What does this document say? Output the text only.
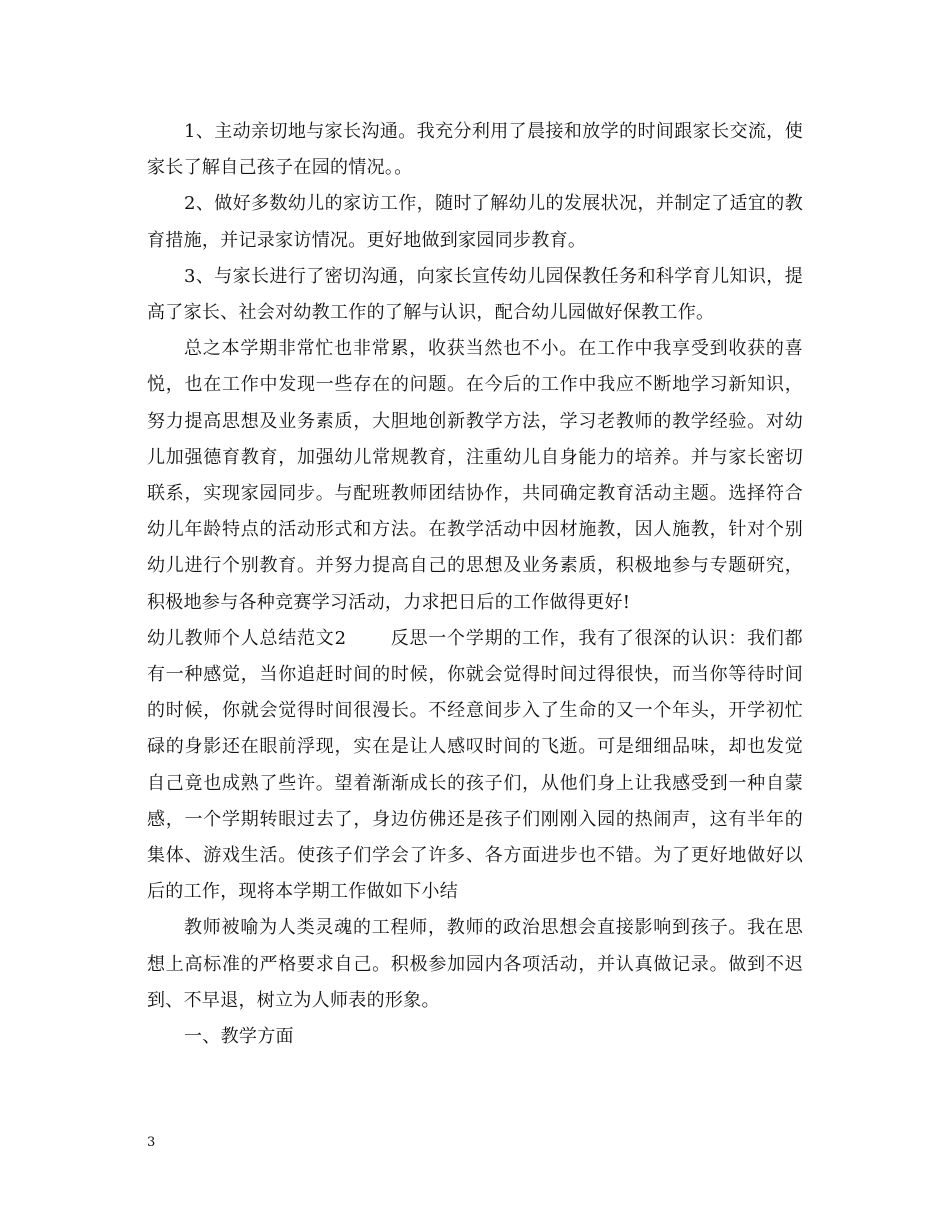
1、主动亲切地与家长沟通。我充分利用了晨接和放学的时间跟家长交流，使家长了解自己孩子在园的情况。。

2、做好多数幼儿的家访工作，随时了解幼儿的发展状况，并制定了适宜的教育措施，并记录家访情况。更好地做到家园同步教育。

3、与家长进行了密切沟通，向家长宣传幼儿园保教任务和科学育儿知识，提高了家长、社会对幼教工作的了解与认识，配合幼儿园做好保教工作。

总之本学期非常忙也非常累，收获当然也不小。在工作中我享受到收获的喜悦，也在工作中发现一些存在的问题。在今后的工作中我应不断地学习新知识，努力提高思想及业务素质，大胆地创新教学方法，学习老教师的教学经验。对幼儿加强德育教育，加强幼儿常规教育，注重幼儿自身能力的培养。并与家长密切联系，实现家园同步。与配班教师团结协作，共同确定教育活动主题。选择符合幼儿年龄特点的活动形式和方法。在教学活动中因材施教，因人施教，针对个别幼儿进行个别教育。并努力提高自己的思想及业务素质，积极地参与专题研究，积极地参与各种竞赛学习活动，力求把日后的工作做得更好!

幼儿教师个人总结范文2 反思一个学期的工作，我有了很深的认识：我们都有一种感觉，当你追赶时间的时候，你就会觉得时间过得很快，而当你等待时间的时候，你就会觉得时间很漫长。不经意间步入了生命的又一个年头，开学初忙碌的身影还在眼前浮现，实在是让人感叹时间的飞逝。可是细细品味，却也发觉自己竟也成熟了些许。望着渐渐成长的孩子们，从他们身上让我感受到一种自蒙感，一个学期转眼过去了，身边仿佛还是孩子们刚刚入园的热闹声，这有半年的集体、游戏生活。使孩子们学会了许多、各方面进步也不错。为了更好地做好以后的工作，现将本学期工作做如下小结

教师被喻为人类灵魂的工程师，教师的政治思想会直接影响到孩子。我在思想上高标准的严格要求自己。积极参加园内各项活动，并认真做记录。做到不迟到、不早退，树立为人师表的形象。

一、教学方面

3
